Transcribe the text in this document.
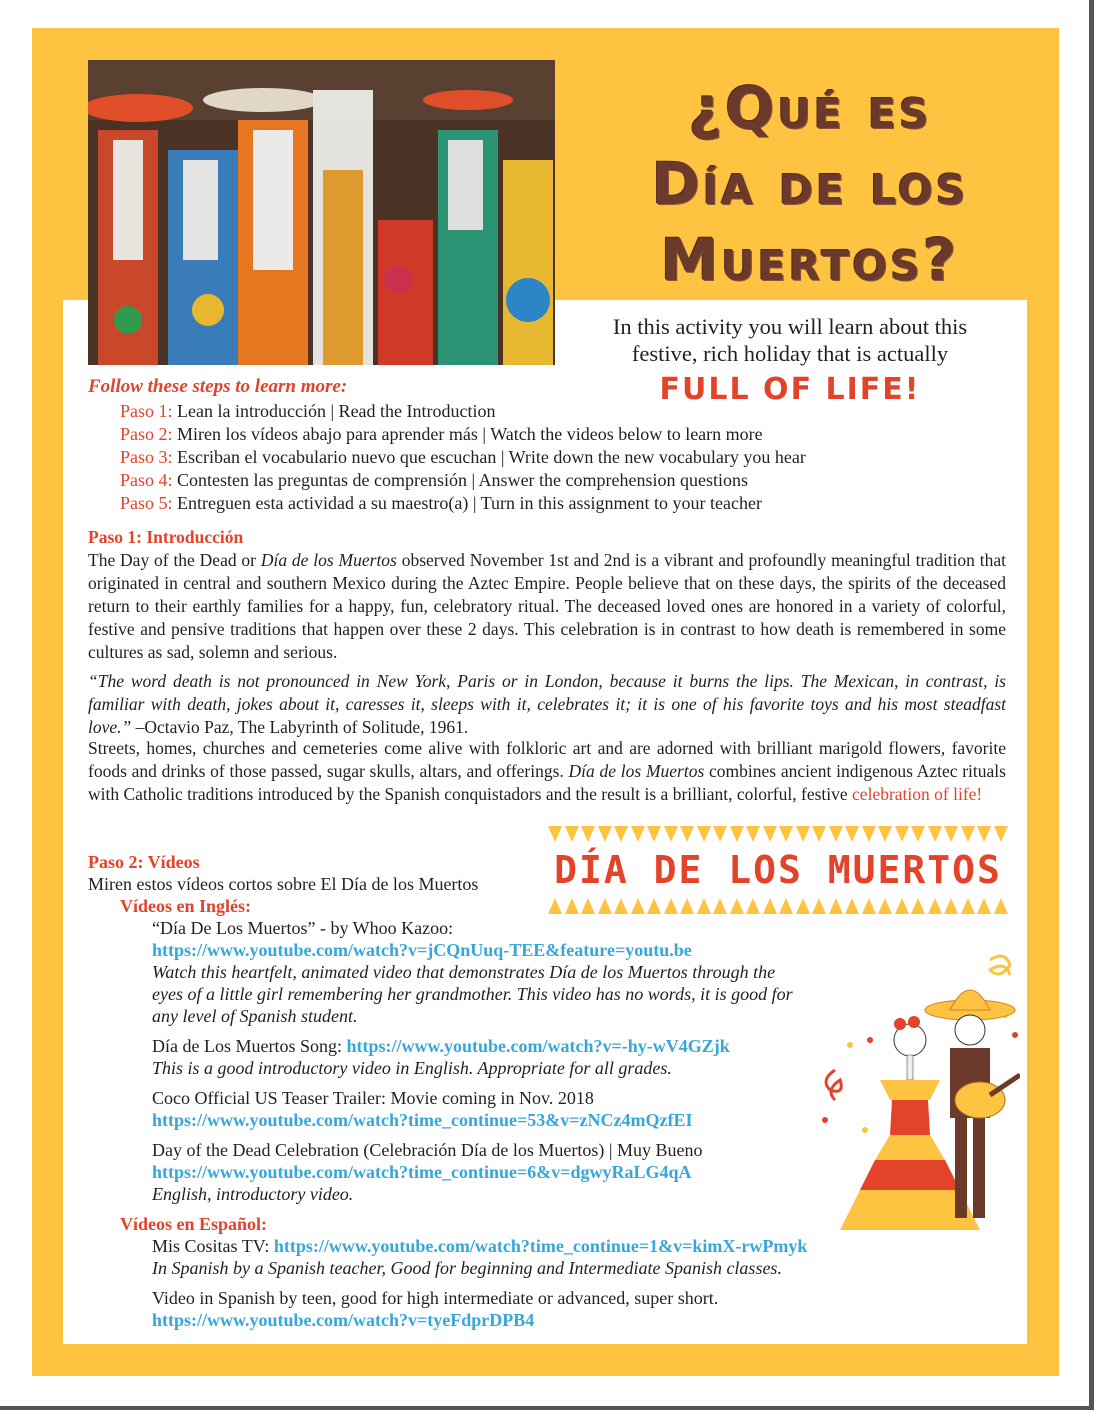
¿Qué es
Día de los
Muertos?
In this activity you will learn about this
festive, rich holiday that is actually
FULL OF LIFE!
Follow these steps to learn more:
Paso 1: Lean la introducción | Read the Introduction
Paso 2: Miren los vídeos abajo para aprender más | Watch the videos below to learn more
Paso 3: Escriban el vocabulario nuevo que escuchan | Write down the new vocabulary you hear
Paso 4: Contesten las preguntas de comprensión | Answer the comprehension questions
Paso 5: Entreguen esta actividad a su maestro(a) | Turn in this assignment to your teacher
Paso 1: Introducción
The Day of the Dead or Día de los Muertos observed November 1st and 2nd is a vibrant and profoundly meaningful tradition that originated in central and southern Mexico during the Aztec Empire. People believe that on these days, the spirits of the deceased return to their earthly families for a happy, fun, celebratory ritual. The deceased loved ones are honored in a variety of colorful, festive and pensive traditions that happen over these 2 days. This celebration is in contrast to how death is remembered in some cultures as sad, solemn and serious.
“The word death is not pronounced in New York, Paris or in London, because it burns the lips. The Mexican, in contrast, is familiar with death, jokes about it, caresses it, sleeps with it, celebrates it; it is one of his favorite toys and his most steadfast love.” –Octavio Paz, The Labyrinth of Solitude, 1961.
Streets, homes, churches and cemeteries come alive with folkloric art and are adorned with brilliant marigold flowers, favorite foods and drinks of those passed, sugar skulls, altars, and offerings. Día de los Muertos combines ancient indigenous Aztec rituals with Catholic traditions introduced by the Spanish conquistadors and the result is a brilliant, colorful, festive celebration of life!
DÍA DE LOS MUERTOS
Paso 2: Vídeos
Miren estos vídeos cortos sobre El Día de los Muertos
Vídeos en Inglés:
“Día De Los Muertos” - by Whoo Kazoo:
https://www.youtube.com/watch?v=jCQnUuq-TEE&feature=youtu.be
Watch this heartfelt, animated video that demonstrates Día de los Muertos through the eyes of a little girl remembering her grandmother. This video has no words, it is good for any level of Spanish student.
Día de Los Muertos Song: https://www.youtube.com/watch?v=-hy-wV4GZjk
This is a good introductory video in English. Appropriate for all grades.
Coco Official US Teaser Trailer: Movie coming in Nov. 2018
https://www.youtube.com/watch?time_continue=53&v=zNCz4mQzfEI
Day of the Dead Celebration (Celebración Día de los Muertos) | Muy Bueno
https://www.youtube.com/watch?time_continue=6&v=dgwyRaLG4qA
English, introductory video.
Vídeos en Español:
Mis Cositas TV: https://www.youtube.com/watch?time_continue=1&v=kimX-rwPmyk
In Spanish by a Spanish teacher, Good for beginning and Intermediate Spanish classes.
Video in Spanish by teen, good for high intermediate or advanced, super short.
https://www.youtube.com/watch?v=tyeFdprDPB4
